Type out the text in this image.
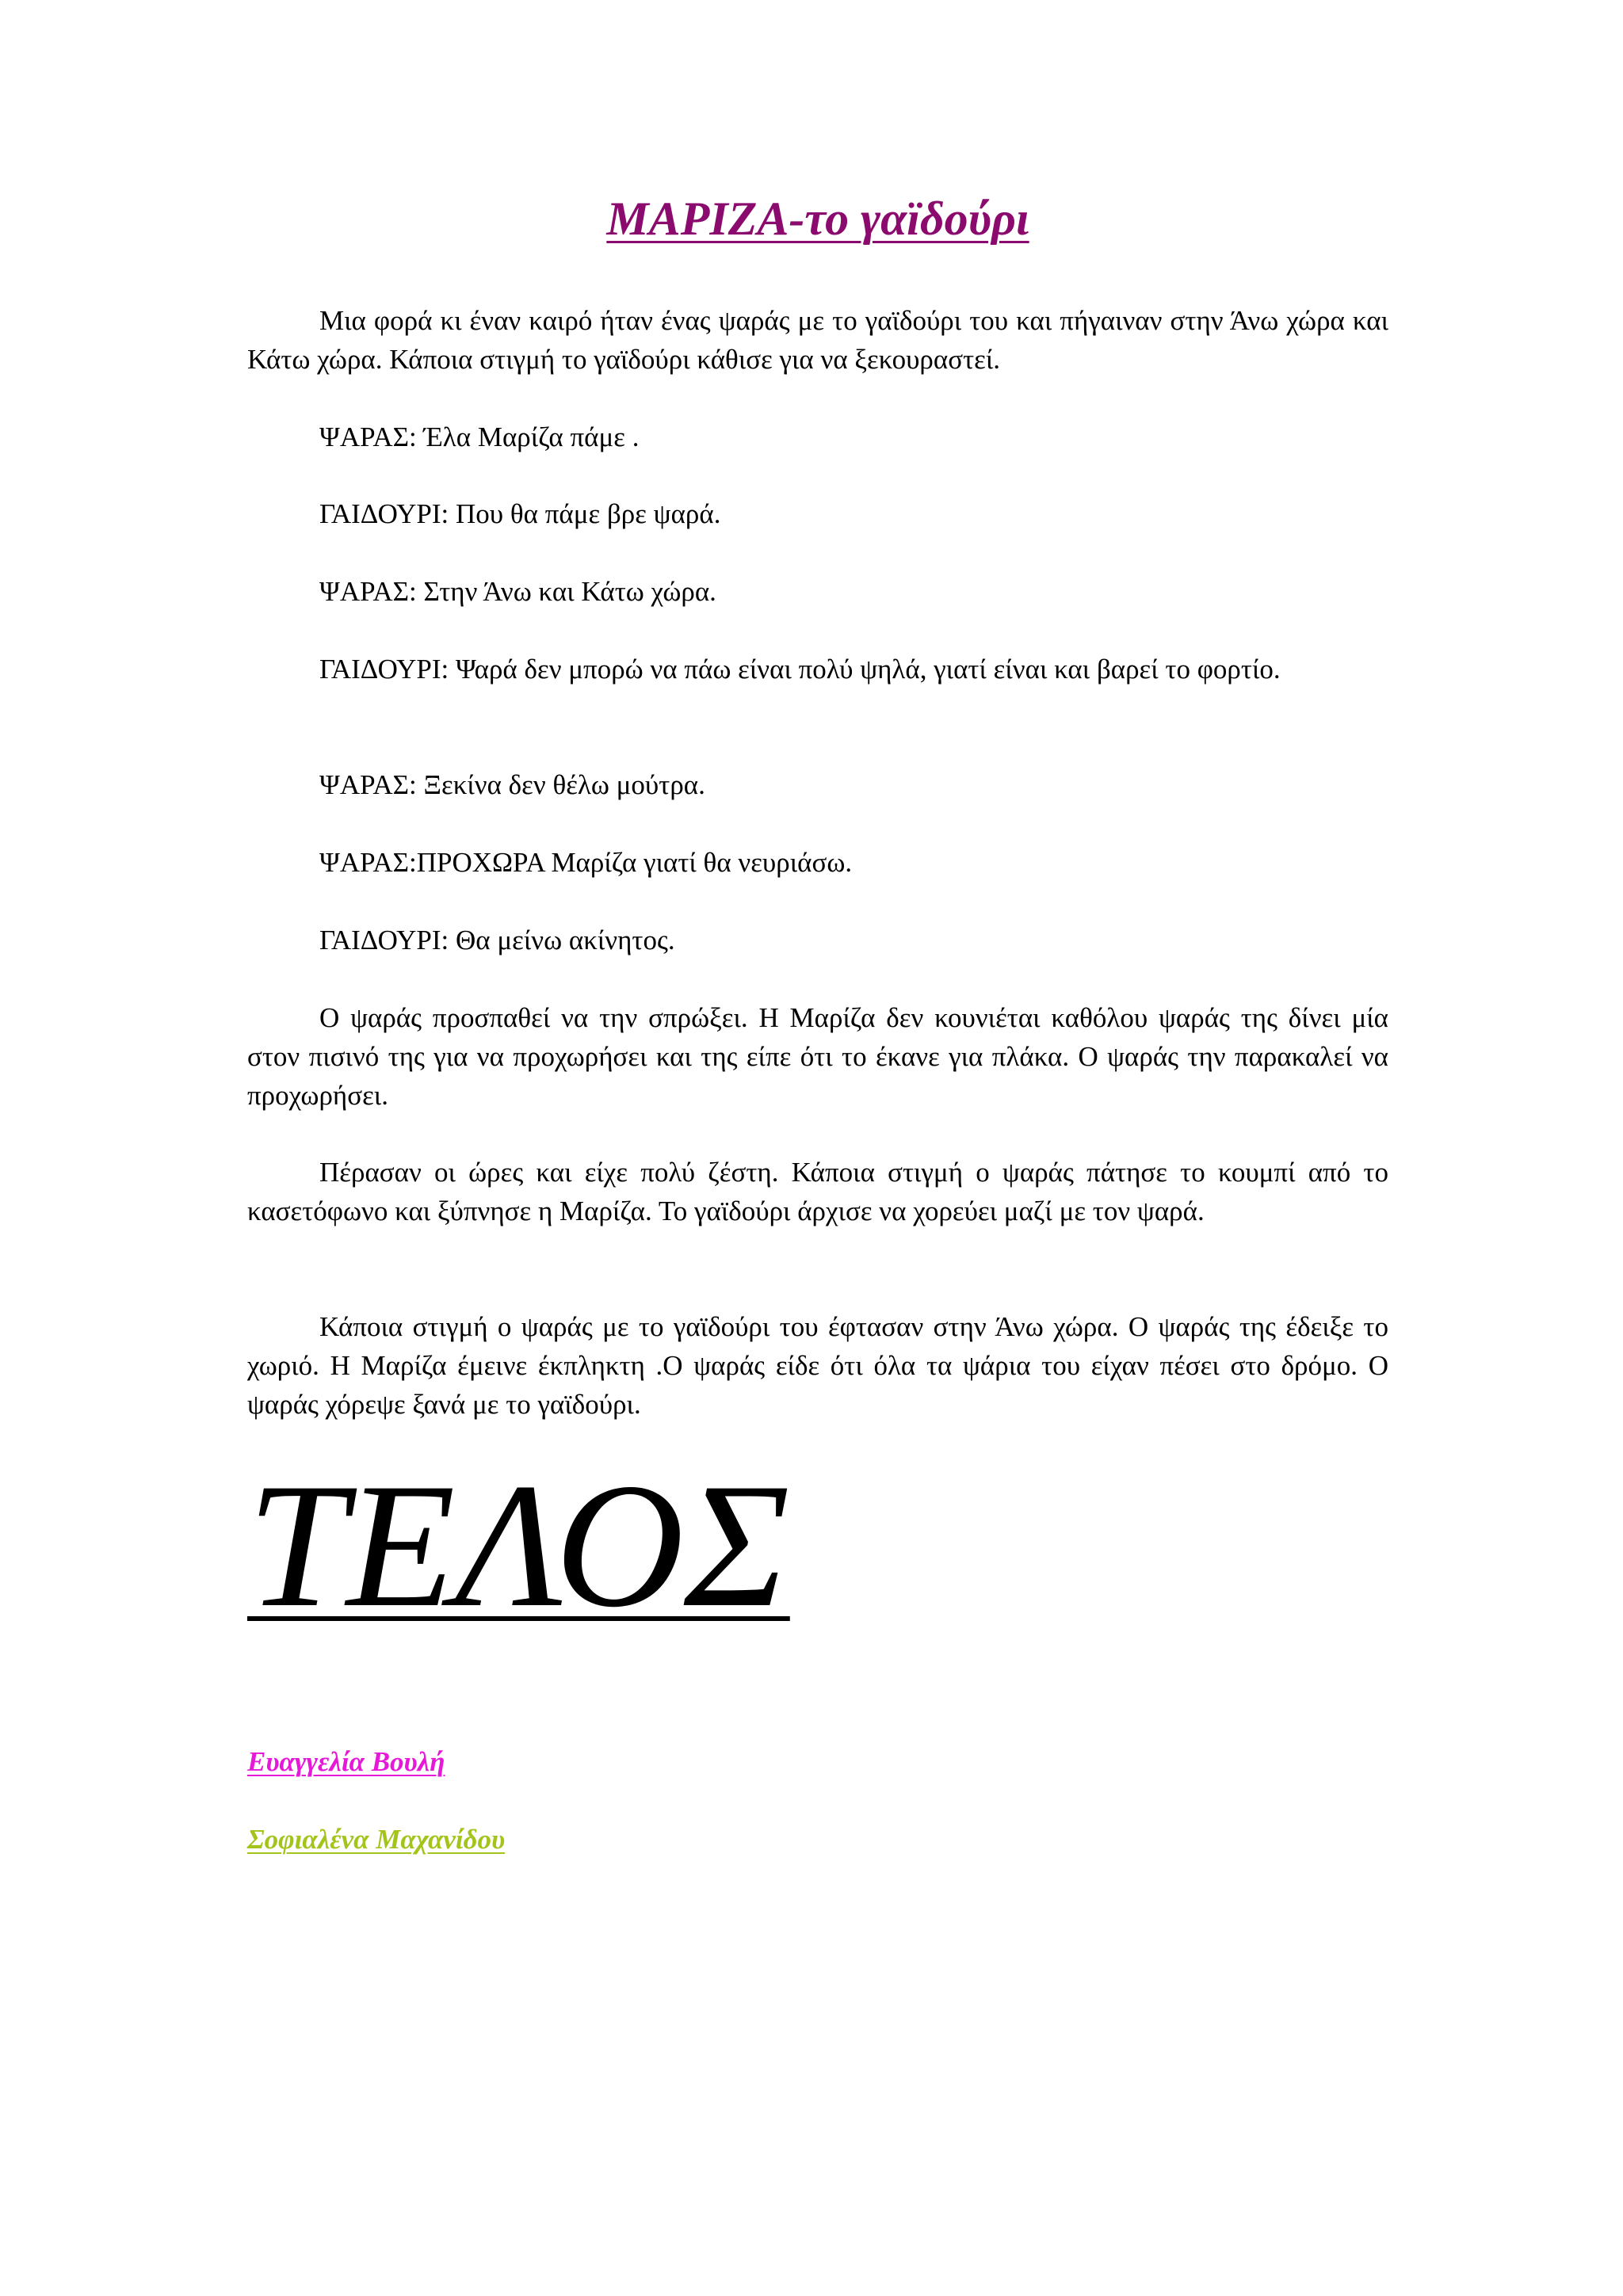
ΜΑΡΙΖΑ-το γαϊδούρι

Μια φορά κι έναν καιρό ήταν ένας ψαράς με το γαϊδούρι του και πήγαιναν στην Άνω χώρα και Κάτω χώρα. Κάποια στιγμή το γαϊδούρι κάθισε για να ξεκουραστεί.

ΨΑΡΑΣ: Έλα Μαρίζα πάμε .

ΓΑΙΔΟΥΡΙ: Που θα πάμε βρε ψαρά.

ΨΑΡΑΣ: Στην Άνω και Κάτω χώρα.

ΓΑΙΔΟΥΡΙ: Ψαρά δεν μπορώ να πάω είναι πολύ ψηλά, γιατί είναι και βαρεί το φορτίο.

ΨΑΡΑΣ: Ξεκίνα δεν θέλω μούτρα.

ΨΑΡΑΣ:ΠΡΟΧΩΡΑ Μαρίζα γιατί θα νευριάσω.

ΓΑΙΔΟΥΡΙ: Θα μείνω ακίνητος.

Ο ψαράς προσπαθεί να την σπρώξει. Η Μαρίζα δεν κουνιέται καθόλου ψαράς της δίνει μία στον πισινό της για να προχωρήσει και της είπε ότι το έκανε για πλάκα. Ο ψαράς την παρακαλεί να προχωρήσει.

Πέρασαν οι ώρες και είχε πολύ ζέστη. Κάποια στιγμή ο ψαράς πάτησε το κουμπί από το κασετόφωνο και ξύπνησε η Μαρίζα. Το γαϊδούρι άρχισε να χορεύει μαζί με τον ψαρά.

Κάποια στιγμή ο ψαράς με το γαϊδούρι του έφτασαν στην Άνω χώρα. Ο ψαράς της έδειξε το χωριό. Η Μαρίζα έμεινε έκπληκτη .Ο ψαράς είδε ότι όλα τα ψάρια του είχαν πέσει στο δρόμο. Ο ψαράς χόρεψε ξανά με το γαϊδούρι.

ΤΕΛΟΣ
Ευαγγελία Βουλή
Σοφιαλένα Μαχανίδου
